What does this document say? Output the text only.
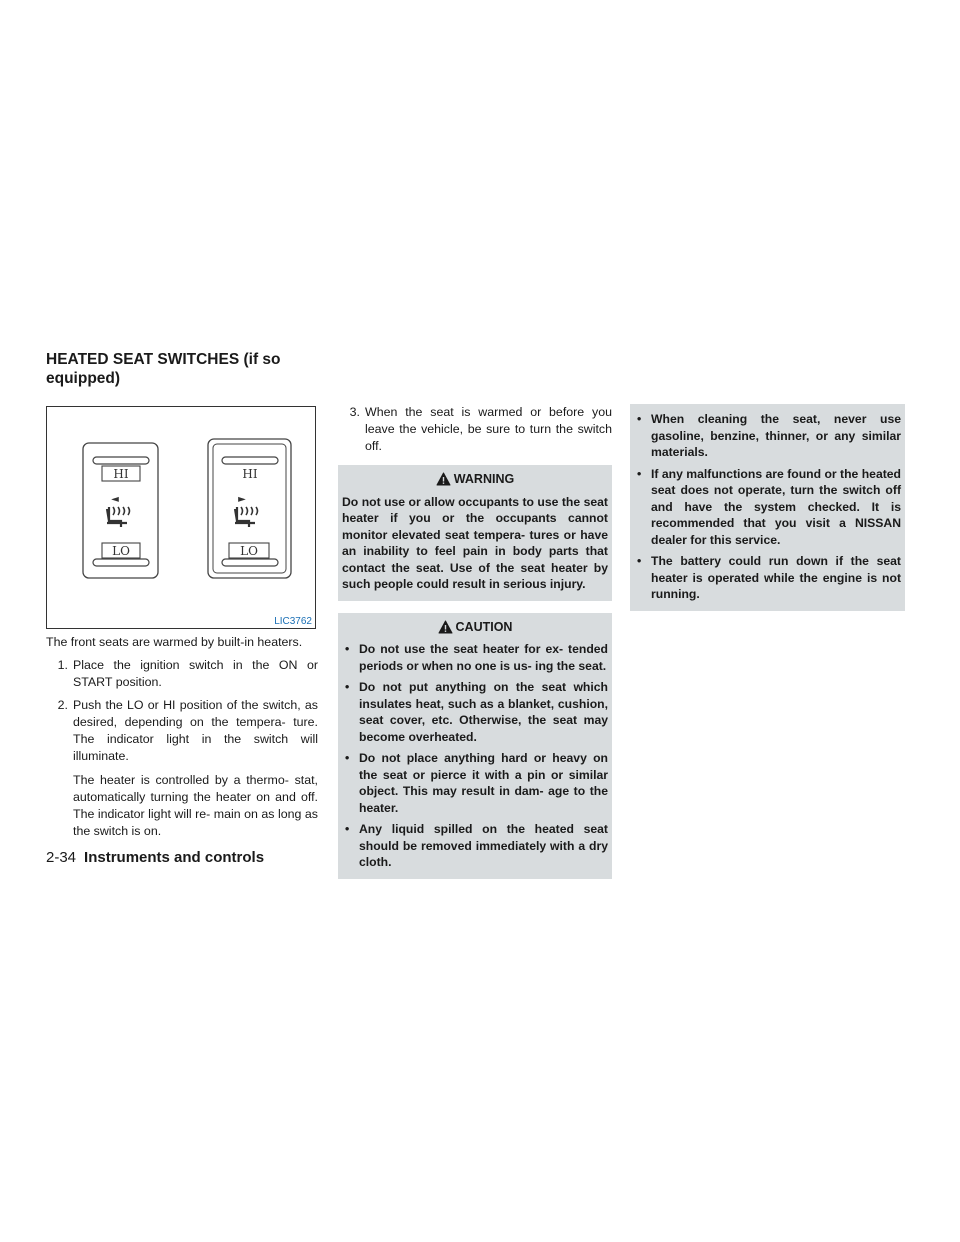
HEATED SEAT SWITCHES (if so equipped)
HI
LO
◄
HI
LO
►
LIC3762

The front seats are warmed by built-in heaters.

1. Place the ignition switch in the ON or START position.
2. Push the LO or HI position of the switch, as desired, depending on the tempera- ture. The indicator light in the switch will illuminate.

The heater is controlled by a thermo- stat, automatically turning the heater on and off. The indicator light will re- main on as long as the switch is on.

3. When the seat is warmed or before you leave the vehicle, be sure to turn the switch off.
WARNING

Do not use or allow occupants to use the seat heater if you or the occupants cannot monitor elevated seat tempera- tures or have an inability to feel pain in body parts that contact the seat. Use of the seat heater by such people could result in serious injury.

CAUTION
• Do not use the seat heater for ex- tended periods or when no one is us- ing the seat.
• Do not put anything on the seat which insulates heat, such as a blanket, cushion, seat cover, etc. Otherwise, the seat may become overheated.
• Do not place anything hard or heavy on the seat or pierce it with a pin or similar object. This may result in dam- age to the heater.
• Any liquid spilled on the heated seat should be removed immediately with a dry cloth.
• When cleaning the seat, never use gasoline, benzine, thinner, or any similar materials.
• If any malfunctions are found or the heated seat does not operate, turn the switch off and have the system checked. It is recommended that you visit a NISSAN dealer for this service.
• The battery could run down if the seat heater is operated while the engine is not running.
2-34 Instruments and controls
